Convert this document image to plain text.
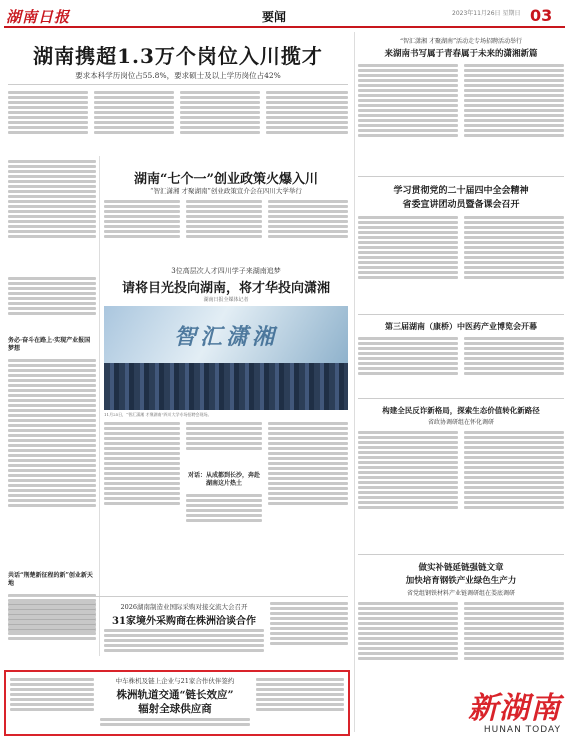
湖南日报	要闻	2023年11月26日 星期日 03
湖南携超1.3万个岗位入川揽才
要求本科学历岗位占55.8%，要求硕士及以上学历岗位占42%
务必·奋斗在路上·实现产业报国梦想
共话“荆楚新征程的新”创业新天地
湖南“七个一”创业政策火爆入川
“智汇潇湘 才聚湖南”创业政策宣介会在四川大学举行
3位高层次人才四川学子来湖南追梦
请将目光投向湖南，将才华投向潇湘
湖南日报全媒体记者
智汇潇湘
11月25日，“智汇潇湘 才聚湖南”四川大学专场招聘会现场。
对话：从成都到长沙，奔赴湖南这片热土
2026湖南制造业国际采购对接交流大会召开
31家境外采购商在株洲洽谈合作
中车株机及链上企业与21家合作伙伴签约
株洲轨道交通“链长效应”
辐射全球供应商
“智汇潇湘 才聚湖南”活动走专场招聘活动举行
来湖南书写属于青春属于未来的潇湘新篇
学习贯彻党的二十届四中全会精神
省委宣讲团动员暨备课会召开
第三届湖南（康桥）中医药产业博览会开幕
构建全民反诈新格局，探索生态价值转化新路径
省政协调研组在怀化调研
做实补链延链强链文章
加快培育钢铁产业绿色生产力
省党组钢铁材料产业链调研组在娄底调研
新湖南
HUNAN TODAY
